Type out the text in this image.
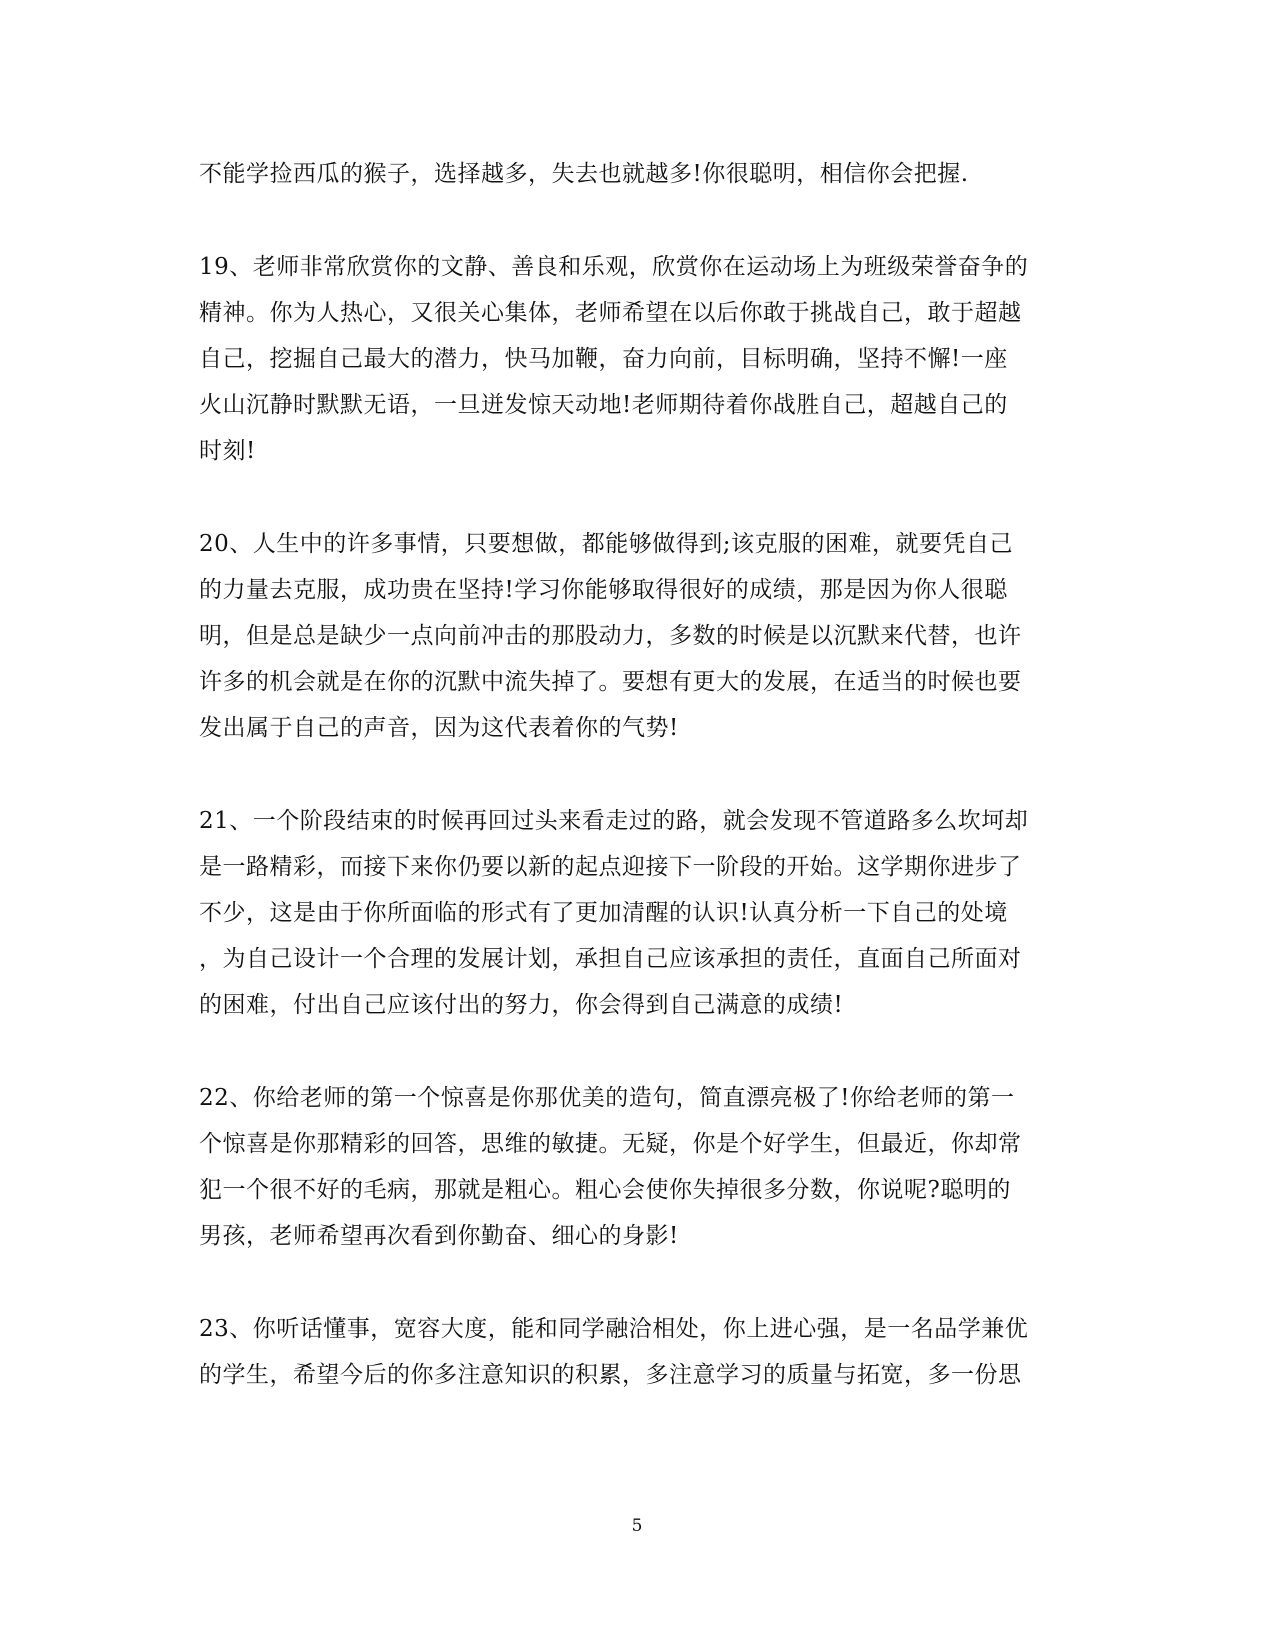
不能学捡西瓜的猴子，选择越多，失去也就越多!你很聪明，相信你会把握.
19、老师非常欣赏你的文静、善良和乐观，欣赏你在运动场上为班级荣誉奋争的
精神。你为人热心，又很关心集体，老师希望在以后你敢于挑战自己，敢于超越
自己，挖掘自己最大的潜力，快马加鞭，奋力向前，目标明确，坚持不懈!一座
火山沉静时默默无语，一旦迸发惊天动地!老师期待着你战胜自己，超越自己的
时刻!
20、人生中的许多事情，只要想做，都能够做得到;该克服的困难，就要凭自己
的力量去克服，成功贵在坚持!学习你能够取得很好的成绩，那是因为你人很聪
明，但是总是缺少一点向前冲击的那股动力，多数的时候是以沉默来代替，也许
许多的机会就是在你的沉默中流失掉了。要想有更大的发展，在适当的时候也要
发出属于自己的声音，因为这代表着你的气势!
21、一个阶段结束的时候再回过头来看走过的路，就会发现不管道路多么坎坷却
是一路精彩，而接下来你仍要以新的起点迎接下一阶段的开始。这学期你进步了
不少，这是由于你所面临的形式有了更加清醒的认识!认真分析一下自己的处境
，为自己设计一个合理的发展计划，承担自己应该承担的责任，直面自己所面对
的困难，付出自己应该付出的努力，你会得到自己满意的成绩!
22、你给老师的第一个惊喜是你那优美的造句，简直漂亮极了!你给老师的第一
个惊喜是你那精彩的回答，思维的敏捷。无疑，你是个好学生，但最近，你却常
犯一个很不好的毛病，那就是粗心。粗心会使你失掉很多分数，你说呢?聪明的
男孩，老师希望再次看到你勤奋、细心的身影!
23、你听话懂事，宽容大度，能和同学融洽相处，你上进心强，是一名品学兼优
的学生，希望今后的你多注意知识的积累，多注意学习的质量与拓宽，多一份思
5
